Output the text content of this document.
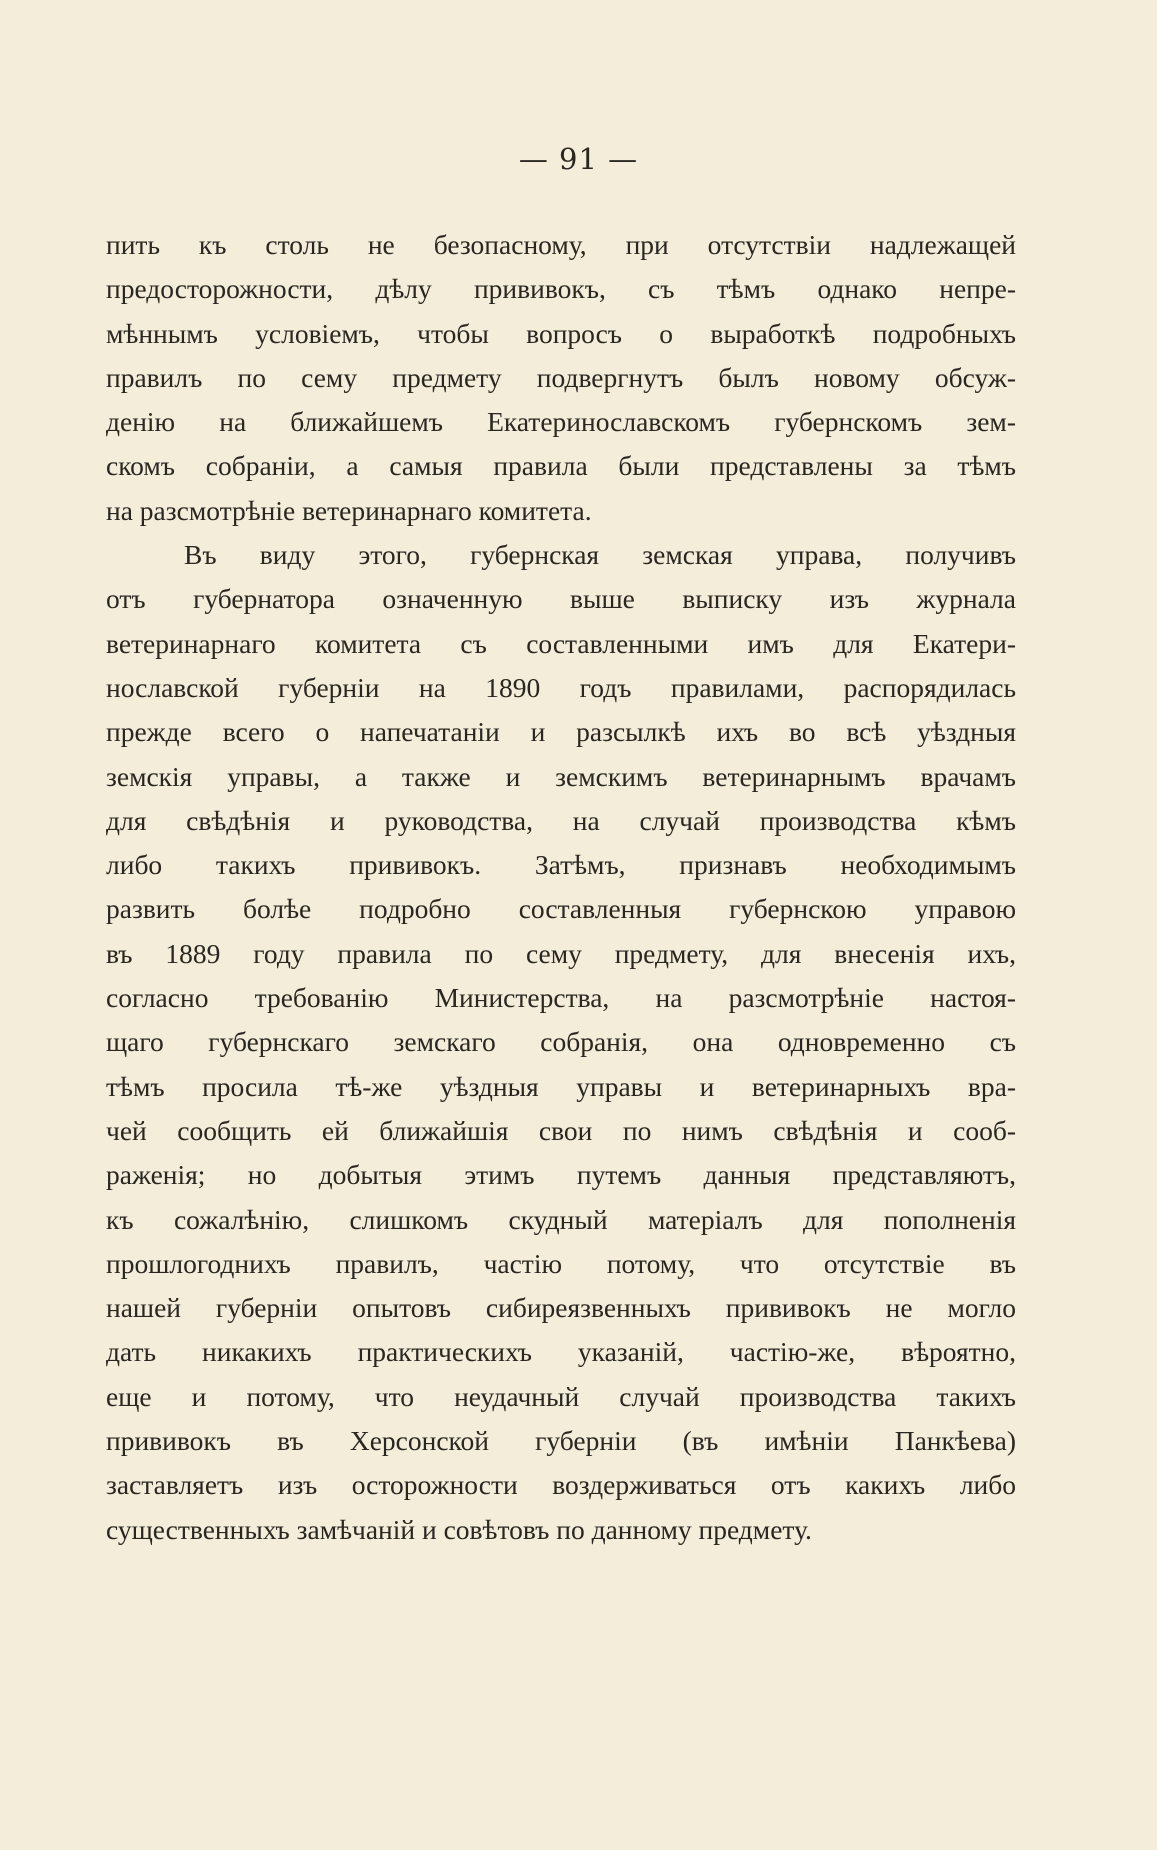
— 91 —
пить къ столь не безопасному, при отсутствіи надлежащей
предосторожности, дѣлу прививокъ, съ тѣмъ однако непре-
мѣннымъ условіемъ, чтобы вопросъ о выработкѣ подробныхъ
правилъ по сему предмету подвергнутъ былъ новому обсуж-
денію на ближайшемъ Екатеринославскомъ губернскомъ зем-
скомъ собраніи, а самыя правила были представлены за тѣмъ
на разсмотрѣніе ветеринарнаго комитета.
Въ виду этого, губернская земская управа, получивъ
отъ губернатора означенную выше выписку изъ журнала
ветеринарнаго комитета съ составленными имъ для Екатери-
нославской губерніи на 1890 годъ правилами, распорядилась
прежде всего о напечатаніи и разсылкѣ ихъ во всѣ уѣздныя
земскія управы, а также и земскимъ ветеринарнымъ врачамъ
для свѣдѣнія и руководства, на случай производства кѣмъ
либо такихъ прививокъ. Затѣмъ, признавъ необходимымъ
развить болѣе подробно составленныя губернскою управою
въ 1889 году правила по сему предмету, для внесенія ихъ,
согласно требованію Министерства, на разсмотрѣніе настоя-
щаго губернскаго земскаго собранія, она одновременно съ
тѣмъ просила тѣ-же уѣздныя управы и ветеринарныхъ вра-
чей сообщить ей ближайшія свои по нимъ свѣдѣнія и сооб-
раженія; но добытыя этимъ путемъ данныя представляютъ,
къ сожалѣнію, слишкомъ скудный матеріалъ для пополненія
прошлогоднихъ правилъ, частію потому, что отсутствіе въ
нашей губерніи опытовъ сибиреязвенныхъ прививокъ не могло
дать никакихъ практическихъ указаній, частію-же, вѣроятно,
еще и потому, что неудачный случай производства такихъ
прививокъ въ Херсонской губерніи (въ имѣніи Панкѣева)
заставляетъ изъ осторожности воздерживаться отъ какихъ либо
существенныхъ замѣчаній и совѣтовъ по данному предмету.
